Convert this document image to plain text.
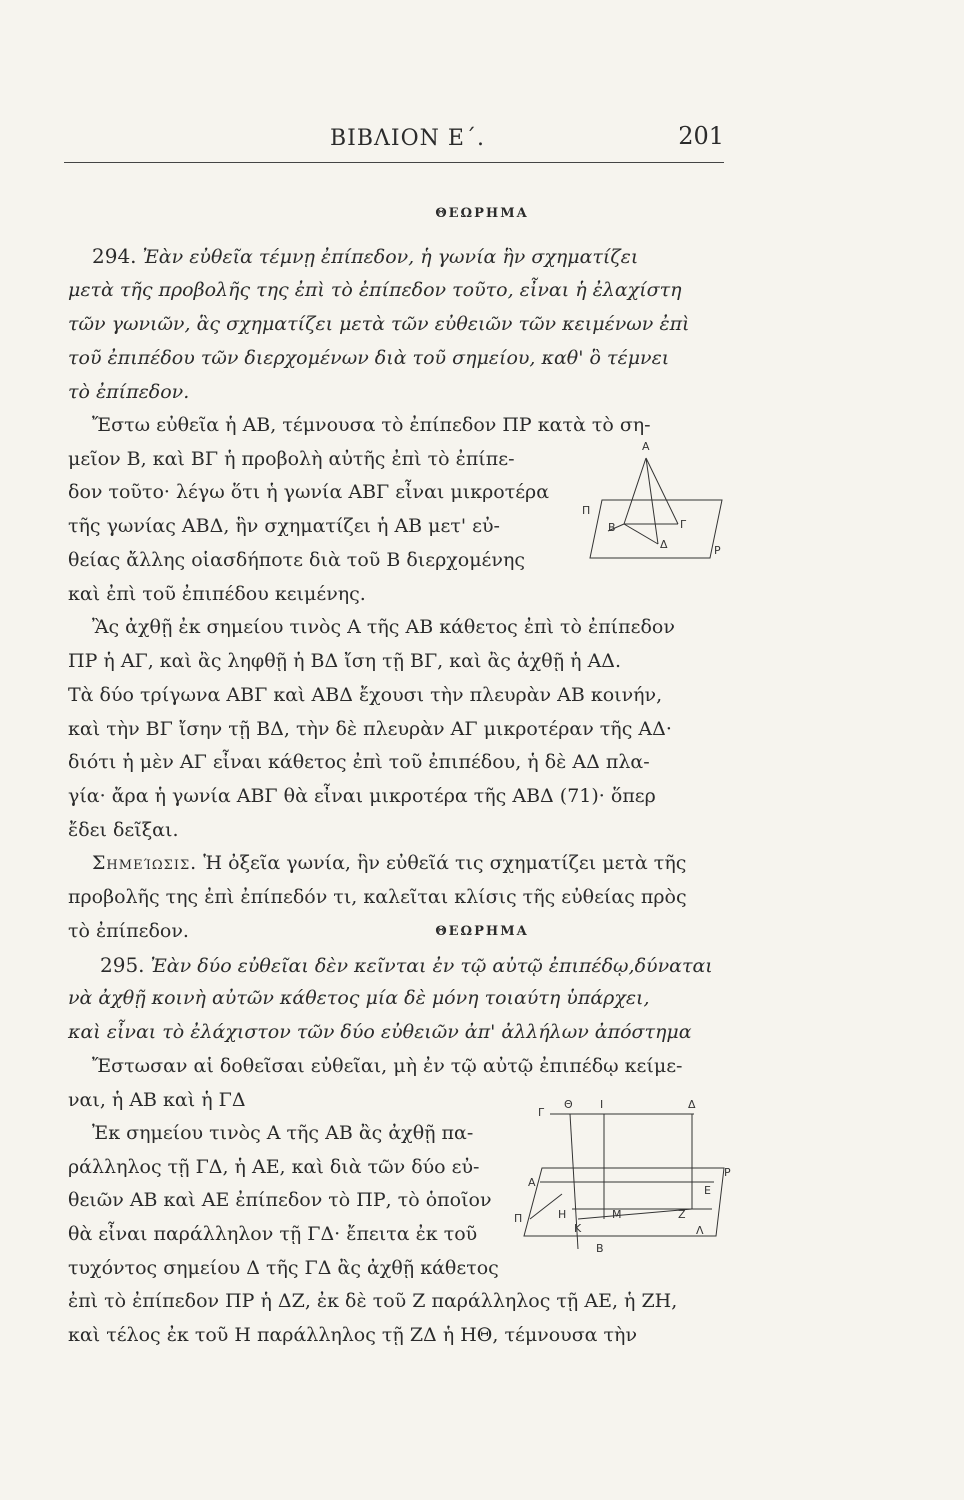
ΒΙΒΛΙΟΝ Ε΄.	201
ΘΕΩΡΗΜΑ
294. Ἐὰν εὐθεῖα τέμνῃ ἐπίπεδον, ἡ γωνία ἣν σχηματίζει
μετὰ τῆς προβολῆς της ἐπὶ τὸ ἐπίπεδον τοῦτο, εἶναι ἡ ἐλαχίστη
τῶν γωνιῶν, ἃς σχηματίζει μετὰ τῶν εὐθειῶν τῶν κειμένων ἐπὶ
τοῦ ἐπιπέδου τῶν διερχομένων διὰ τοῦ σημείου, καθ' ὃ τέμνει
τὸ ἐπίπεδον.
Ἔστω εὐθεῖα ἡ ΑΒ, τέμνουσα τὸ ἐπίπεδον ΠΡ κατὰ τὸ ση-
μεῖον Β, καὶ ΒΓ ἡ προβολὴ αὐτῆς ἐπὶ τὸ ἐπίπε-
δον τοῦτο· λέγω ὅτι ἡ γωνία ΑΒΓ εἶναι μικροτέρα
τῆς γωνίας ΑΒΔ, ἣν σχηματίζει ἡ ΑΒ μετ' εὐ-
θείας ἄλλης οἱασδήποτε διὰ τοῦ Β διερχομένης
καὶ ἐπὶ τοῦ ἐπιπέδου κειμένης.
Ἂς ἀχθῇ ἐκ σημείου τινὸς Α τῆς ΑΒ κάθετος ἐπὶ τὸ ἐπίπεδον
ΠΡ ἡ ΑΓ, καὶ ἂς ληφθῇ ἡ ΒΔ ἴση τῇ ΒΓ, καὶ ἂς ἀχθῇ ἡ ΑΔ.
Τὰ δύο τρίγωνα ΑΒΓ καὶ ΑΒΔ ἔχουσι τὴν πλευρὰν ΑΒ κοινήν,
καὶ τὴν ΒΓ ἴσην τῇ ΒΔ, τὴν δὲ πλευρὰν ΑΓ μικροτέραν τῆς ΑΔ·
διότι ἡ μὲν ΑΓ εἶναι κάθετος ἐπὶ τοῦ ἐπιπέδου, ἡ δὲ ΑΔ πλα-
γία· ἄρα ἡ γωνία ΑΒΓ θὰ εἶναι μικροτέρα τῆς ΑΒΔ (71)· ὅπερ
ἔδει δεῖξαι.
Σημείωσις. Ἡ ὀξεῖα γωνία, ἣν εὐθεῖά τις σχηματίζει μετὰ τῆς
προβολῆς της ἐπὶ ἐπίπεδόν τι, καλεῖται κλίσις τῆς εὐθείας πρὸς
τὸ ἐπίπεδον.
Α
Β	Γ
Δ
Π
Ρ
ΘΕΩΡΗΜΑ
295. Ἐὰν δύο εὐθεῖαι δὲν κεῖνται ἐν τῷ αὐτῷ ἐπιπέδῳ,δύναται
νὰ ἀχθῇ κοινὴ αὐτῶν κάθετος μία δὲ μόνη τοιαύτη ὑπάρχει,
καὶ εἶναι τὸ ἐλάχιστον τῶν δύο εὐθειῶν ἀπ' ἀλλήλων ἀπόστημα
Ἔστωσαν αἱ δοθεῖσαι εὐθεῖαι, μὴ ἐν τῷ αὐτῷ ἐπιπέδῳ κείμε-
ναι, ἡ ΑΒ καὶ ἡ ΓΔ
Ἐκ σημείου τινὸς Α τῆς ΑΒ ἂς ἀχθῇ πα-
ράλληλος τῇ ΓΔ, ἡ ΑΕ, καὶ διὰ τῶν δύο εὐ-
θειῶν ΑΒ καὶ ΑΕ ἐπίπεδον τὸ ΠΡ, τὸ ὁποῖον
θὰ εἶναι παράλληλον τῇ ΓΔ· ἔπειτα ἐκ τοῦ
τυχόντος σημείου Δ τῆς ΓΔ ἂς ἀχθῇ κάθετος
ἐπὶ τὸ ἐπίπεδον ΠΡ ἡ ΔΖ, ἐκ δὲ τοῦ Ζ παράλληλος τῇ ΑΕ, ἡ ΖΗ,
καὶ τέλος ἐκ τοῦ Η παράλληλος τῇ ΖΔ ἡ ΗΘ, τέμνουσα τὴν
Γ
Θ Ι	Δ
Α
Ρ
Ε
Η	Μ	Ζ
Π
Κ	Λ
Β
